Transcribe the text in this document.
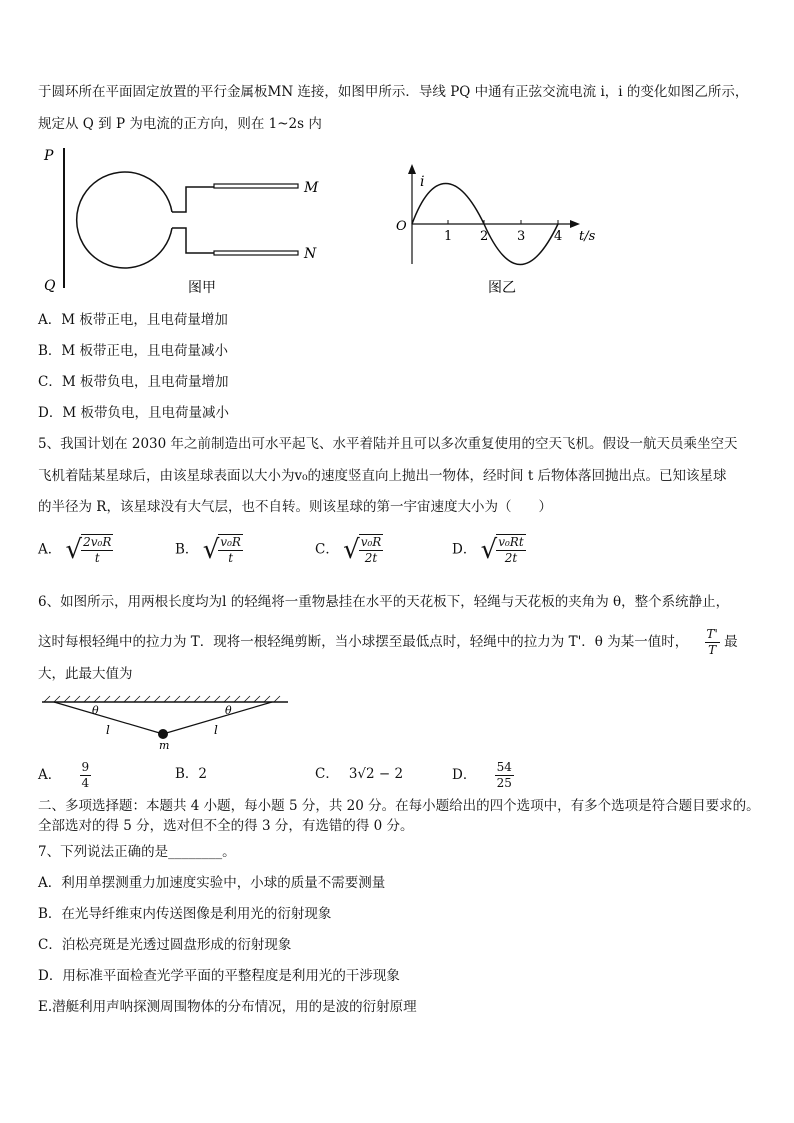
于圆环所在平面固定放置的平行金属板MN 连接，如图甲所示．导线 PQ 中通有正弦交流电流 i，i 的变化如图乙所示，
规定从 Q 到 P 为电流的正方向，则在 1~2s 内
P
Q
M
N
图甲
i
O
t/s
1 2 3 4
图乙
A．M 板带正电，且电荷量增加
B．M 板带正电，且电荷量减小
C．M 板带负电，且电荷量增加
D．M 板带负电，且电荷量减小
5、我国计划在 2030 年之前制造出可水平起飞、水平着陆并且可以多次重复使用的空天飞机。假设一航天员乘坐空天
飞机着陆某星球后，由该星球表面以大小为v₀的速度竖直向上抛出一物体，经时间 t 后物体落回抛出点。已知该星球
的半径为 R，该星球没有大气层，也不自转。则该星球的第一宇宙速度大小为（　　）
A． √ $\frac{\text{2v₀R}}{t}$	B． √ $\frac{\text{v₀R}}{t}$	C． √ $\frac{\text{v₀R}}{2t}$	D． √ $\frac{\text{v₀Rt}}{2t}$
6、如图所示，用两根长度均为l 的轻绳将一重物悬挂在水平的天花板下，轻绳与天花板的夹角为 θ，整个系统静止，
这时每根轻绳中的拉力为 T．现将一根轻绳剪断，当小球摆至最低点时，轻绳中的拉力为 T'．θ 为某一值时， $\frac{T'}{T}$ 最
大，此最大值为
θ	θ
l	l
m
A． $\frac{9}{4}$	B．2	C． 3√2 − 2	D． $\frac{54}{25}$
二、多项选择题：本题共 4 小题，每小题 5 分，共 20 分。在每小题给出的四个选项中，有多个选项是符合题目要求的。
全部选对的得 5 分，选对但不全的得 3 分，有选错的得 0 分。
7、下列说法正确的是________。
A．利用单摆测重力加速度实验中，小球的质量不需要测量
B．在光导纤维束内传送图像是利用光的衍射现象
C．泊松亮斑是光透过圆盘形成的衍射现象
D．用标准平面检查光学平面的平整程度是利用光的干涉现象
E.潜艇利用声呐探测周围物体的分布情况，用的是波的衍射原理
